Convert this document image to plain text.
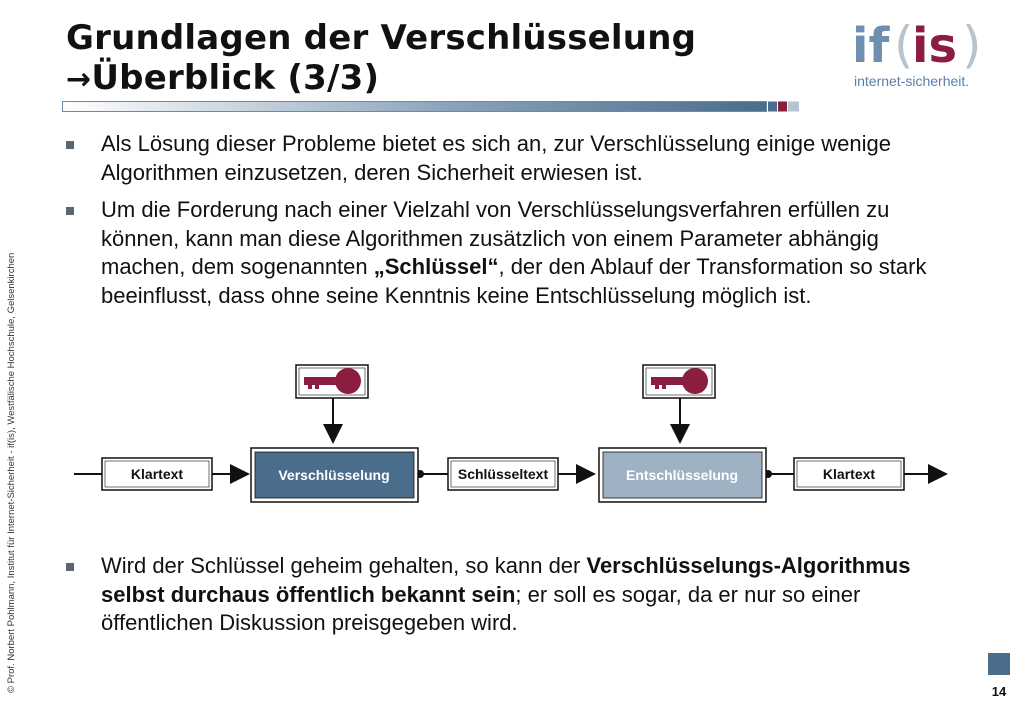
Grundlagen der Verschlüsselung
→Überblick (3/3)
if (
is )
internet-sicherheit.
© Prof. Norbert Pohlmann, Institut für Internet-Sicherheit - if(is), Westfälische Hochschule, Gelsenkirchen
Als Lösung dieser Probleme bietet es sich an, zur Verschlüsselung einige wenige Algorithmen einzusetzen, deren Sicherheit erwiesen ist.
Um die Forderung nach einer Vielzahl von Verschlüsselungsverfahren erfüllen zu können, kann man diese Algorithmen zusätzlich von einem Parameter abhängig machen, dem sogenannten „Schlüssel“, der den Ablauf der Transformation so stark beeinflusst, dass ohne seine Kenntnis keine Entschlüsselung möglich ist.
Klartext	Verschlüsselung	Schlüsseltext	Entschlüsselung	Klartext
Wird der Schlüssel geheim gehalten, so kann der Verschlüsselungs-Algorithmus selbst durchaus öffentlich bekannt sein; er soll es sogar, da er nur so einer öffentlichen Diskussion preisgegeben wird.
14
